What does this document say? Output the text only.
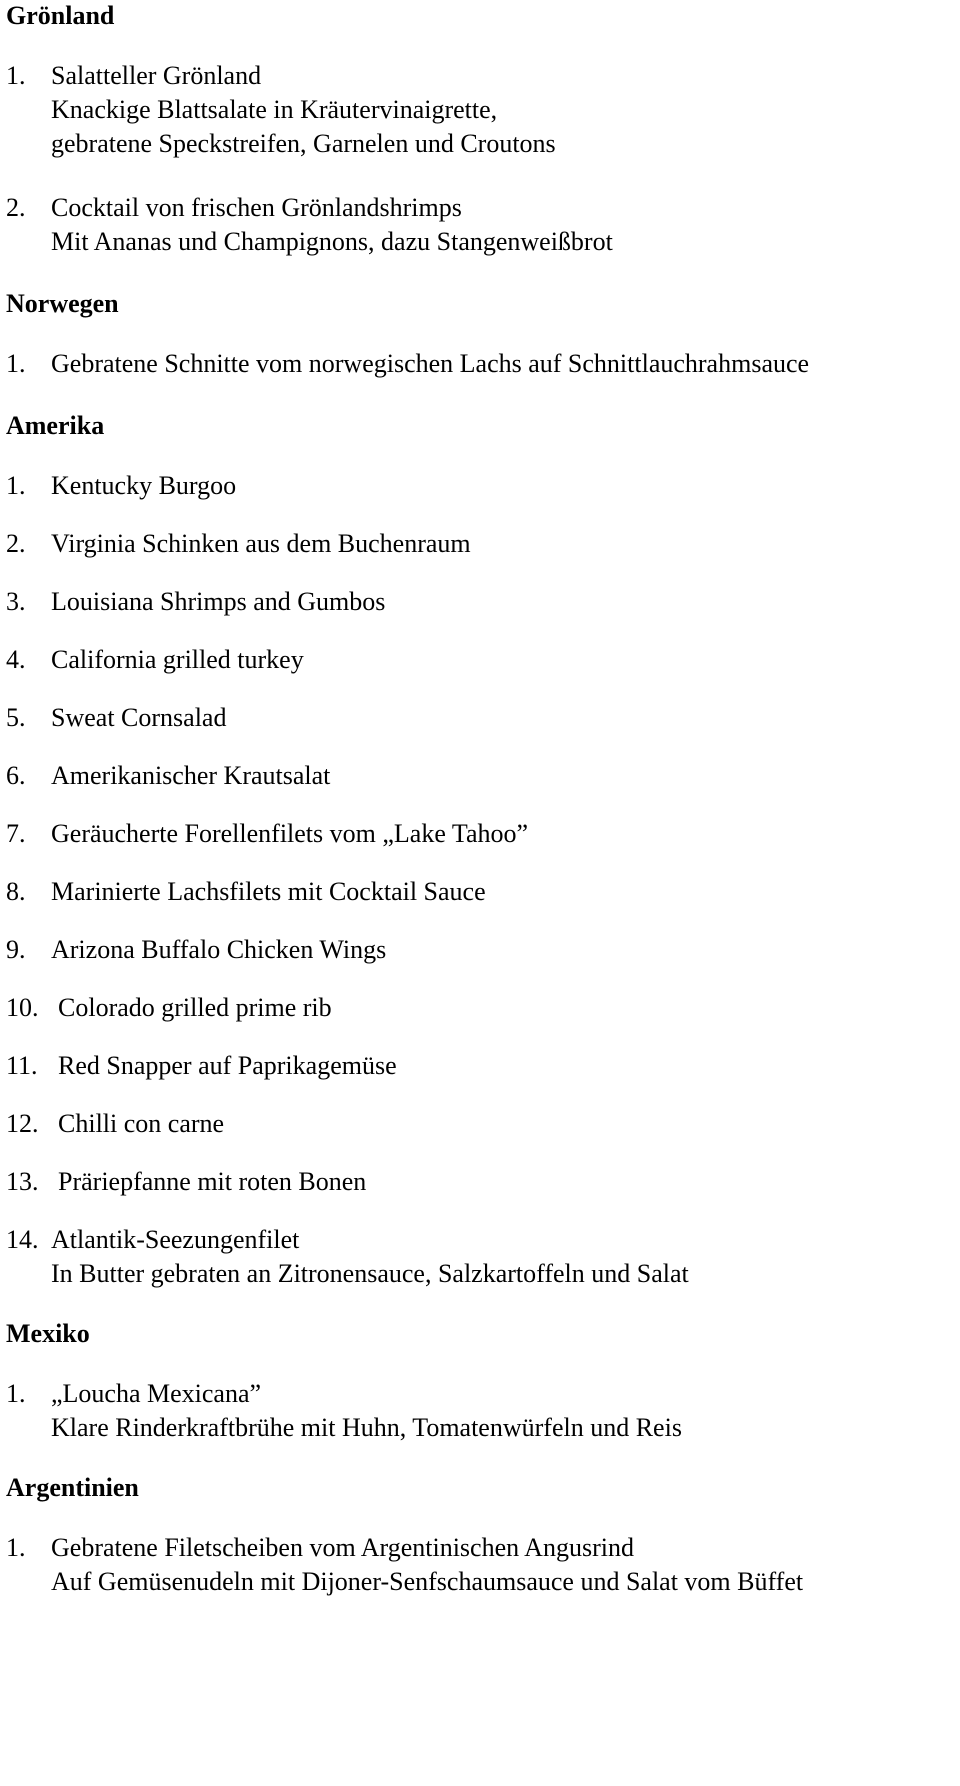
Grönland
1. Salatteller Grönland
Knackige Blattsalate in Kräutervinaigrette,
gebratene Speckstreifen, Garnelen und Croutons
2. Cocktail von frischen Grönlandshrimps
Mit Ananas und Champignons, dazu Stangenweißbrot
Norwegen
1. Gebratene Schnitte vom norwegischen Lachs auf Schnittlauchrahmsauce
Amerika
1. Kentucky Burgoo
2. Virginia Schinken aus dem Buchenraum
3. Louisiana Shrimps and Gumbos
4. California grilled turkey
5. Sweat Cornsalad
6. Amerikanischer Krautsalat
7. Geräucherte Forellenfilets vom „Lake Tahoo”
8. Marinierte Lachsfilets mit Cocktail Sauce
9. Arizona Buffalo Chicken Wings
10. Colorado grilled prime rib
11. Red Snapper auf Paprikagemüse
12. Chilli con carne
13. Präriepfanne mit roten Bonen
14. Atlantik-Seezungenfilet
In Butter gebraten an Zitronensauce, Salzkartoffeln und Salat
Mexiko
1. „Loucha Mexicana”
Klare Rinderkraftbrühe mit Huhn, Tomatenwürfeln und Reis
Argentinien
1. Gebratene Filetscheiben vom Argentinischen Angusrind
Auf Gemüsenudeln mit Dijoner-Senfschaumsauce und Salat vom Büffet
